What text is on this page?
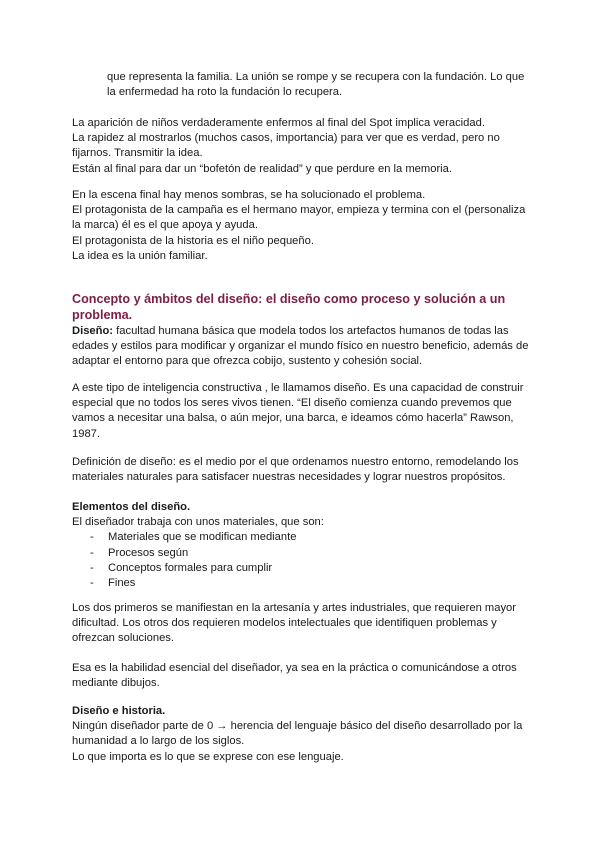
que representa la familia. La unión se rompe y se recupera con la fundación. Lo que

la enfermedad ha roto la fundación lo recupera.

La aparición de niños verdaderamente enfermos al final del Spot implica veracidad.

La rapidez al mostrarlos (muchos casos, importancia) para ver que es verdad, pero no

fijarnos. Transmitir la idea.

Están al final para dar un “bofetón de realidad” y que perdure en la memoria.

En la escena final hay menos sombras, se ha solucionado el problema.

El protagonista de la campaña es el hermano mayor, empieza y termina con el (personaliza

la marca) él es el que apoya y ayuda.

El protagonista de la historia es el niño pequeño.

La idea es la unión familiar.

Concepto y ámbitos del diseño: el diseño como proceso y solución a un
problema.

Diseño: facultad humana básica que modela todos los artefactos humanos de todas las

edades y estilos para modificar y organizar el mundo físico en nuestro beneficio, además de

adaptar el entorno para que ofrezca cobijo, sustento y cohesión social.

A este tipo de inteligencia constructiva , le llamamos diseño. Es una capacidad de construir

especial que no todos los seres vivos tienen. “El diseño comienza cuando prevemos que

vamos a necesitar una balsa, o aún mejor, una barca, e ideamos cómo hacerla” Rawson,

1987.

Definición de diseño: es el medio por el que ordenamos nuestro entorno, remodelando los

materiales naturales para satisfacer nuestras necesidades y lograr nuestros propósitos.

Elementos del diseño.

El diseñador trabaja con unos materiales, que son:

- Materiales que se modifican mediante
- Procesos según
- Conceptos formales para cumplir
- Fines

Los dos primeros se manifiestan en la artesanía y artes industriales, que requieren mayor

dificultad. Los otros dos requieren modelos intelectuales que identifiquen problemas y

ofrezcan soluciones.

Esa es la habilidad esencial del diseñador, ya sea en la práctica o comunicándose a otros

mediante dibujos.

Diseño e historia.

Ningún diseñador parte de 0 → herencia del lenguaje básico del diseño desarrollado por la

humanidad a lo largo de los siglos.

Lo que importa es lo que se exprese con ese lenguaje.
